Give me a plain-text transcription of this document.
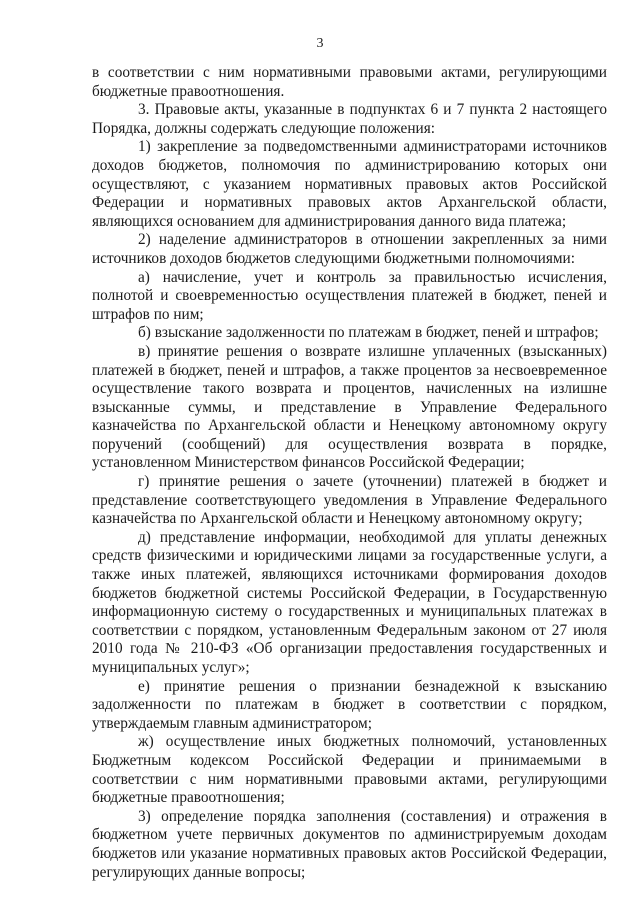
3

в соответствии с ним нормативными правовыми актами, регулирующими бюджетные правоотношения.

3. Правовые акты, указанные в подпунктах 6 и 7 пункта 2 настоящего Порядка, должны содержать следующие положения:

1) закрепление за подведомственными администраторами источников доходов бюджетов, полномочия по администрированию которых они осуществляют, с указанием нормативных правовых актов Российской Федерации и нормативных правовых актов Архангельской области, являющихся основанием для администрирования данного вида платежа;

2) наделение администраторов в отношении закрепленных за ними источников доходов бюджетов следующими бюджетными полномочиями:

а) начисление, учет и контроль за правильностью исчисления, полнотой и своевременностью осуществления платежей в бюджет, пеней и штрафов по ним;

б) взыскание задолженности по платежам в бюджет, пеней и штрафов;

в) принятие решения о возврате излишне уплаченных (взысканных) платежей в бюджет, пеней и штрафов, а также процентов за несвоевременное осуществление такого возврата и процентов, начисленных на излишне взысканные суммы, и представление в Управление Федерального казначейства по Архангельской области и Ненецкому автономному округу поручений (сообщений) для осуществления возврата в порядке, установленном Министерством финансов Российской Федерации;

г) принятие решения о зачете (уточнении) платежей в бюджет и представление соответствующего уведомления в Управление Федерального казначейства по Архангельской области и Ненецкому автономному округу;

д) представление информации, необходимой для уплаты денежных средств физическими и юридическими лицами за государственные услуги, а также иных платежей, являющихся источниками формирования доходов бюджетов бюджетной системы Российской Федерации, в Государственную информационную систему о государственных и муниципальных платежах в соответствии с порядком, установленным Федеральным законом от 27 июля 2010 года № 210-ФЗ «Об организации предоставления государственных и муниципальных услуг»;

е) принятие решения о признании безнадежной к взысканию задолженности по платежам в бюджет в соответствии с порядком, утверждаемым главным администратором;

ж) осуществление иных бюджетных полномочий, установленных Бюджетным кодексом Российской Федерации и принимаемыми в соответствии с ним нормативными правовыми актами, регулирующими бюджетные правоотношения;

3) определение порядка заполнения (составления) и отражения в бюджетном учете первичных документов по администрируемым доходам бюджетов или указание нормативных правовых актов Российской Федерации, регулирующих данные вопросы;
